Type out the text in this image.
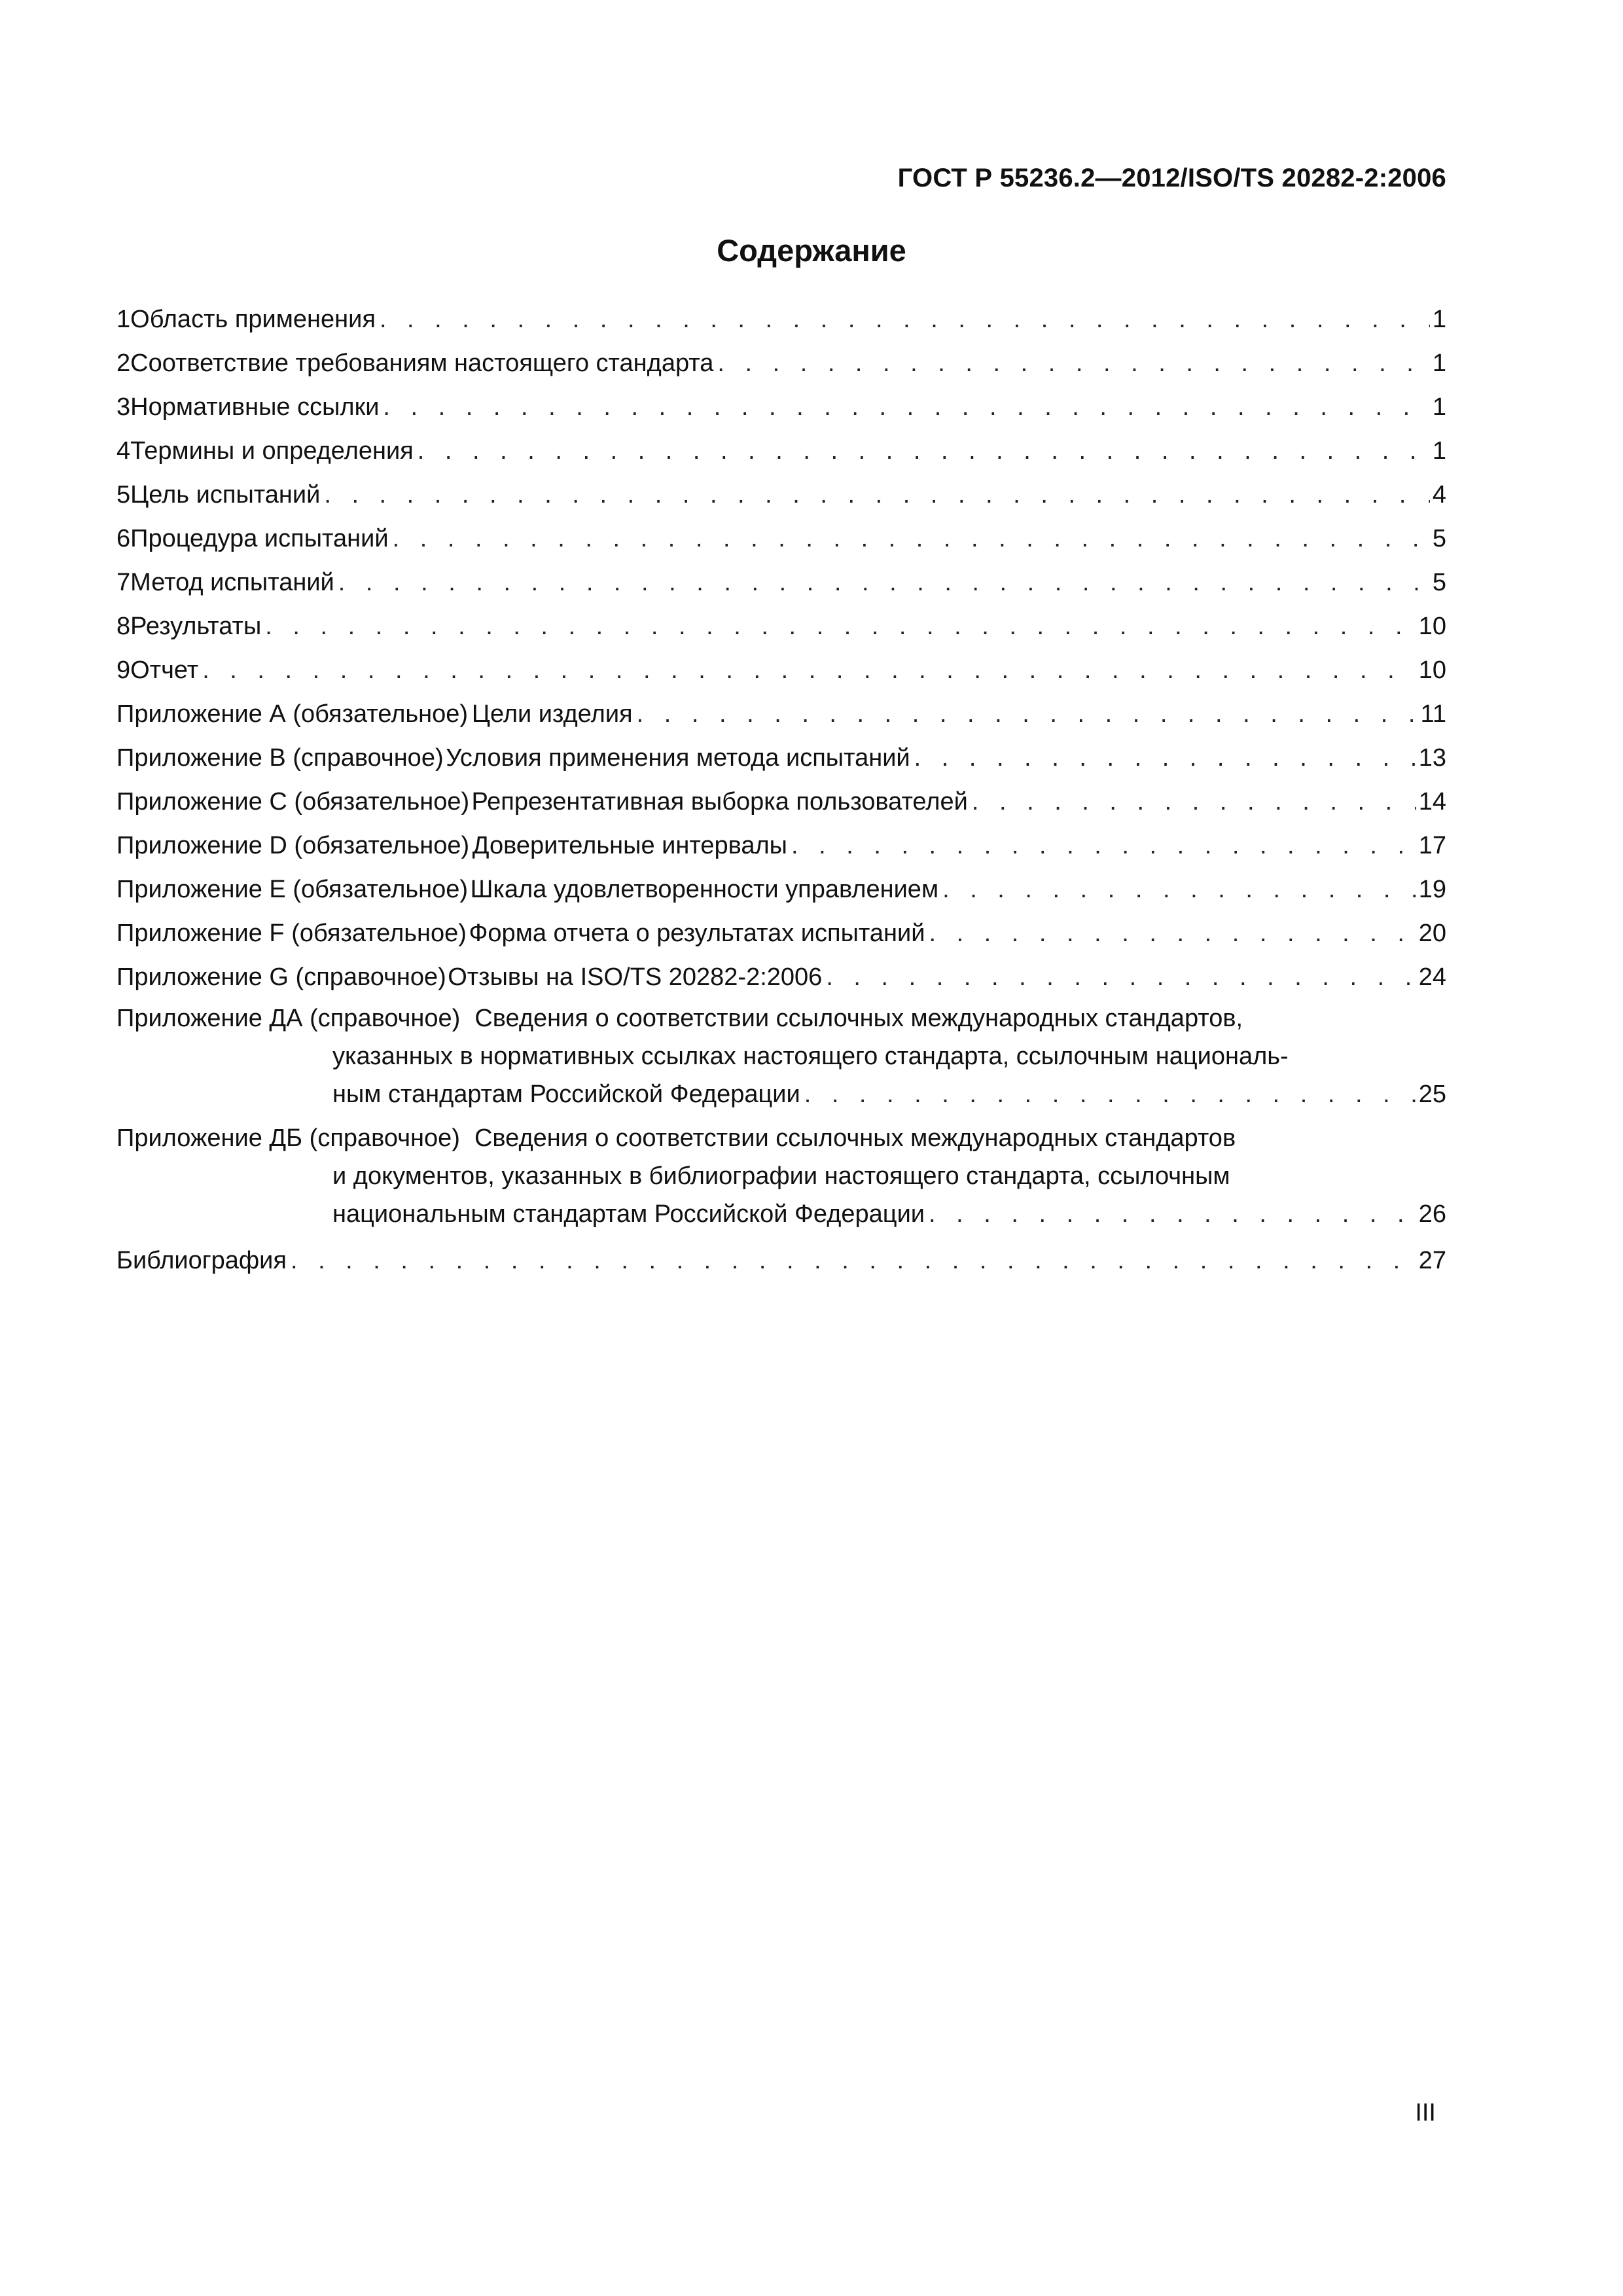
ГОСТ Р 55236.2—2012/ISO/TS 20282-2:2006
Содержание
1 Область применения . . .	1
2 Соответствие требованиям настоящего стандарта . . .	1
3 Нормативные ссылки . . .	1
4 Термины и определения . . .	1
5 Цель испытаний . . .	4
6 Процедура испытаний . . .	5
7 Метод испытаний . . .	5
8 Результаты . . .	10
9 Отчет . . .	10
Приложение А (обязательное) Цели изделия . . .	11
Приложение В (справочное) Условия применения метода испытаний . . .	13
Приложение С (обязательное) Репрезентативная выборка пользователей . . .	14
Приложение D (обязательное) Доверительные интервалы . . .	17
Приложение Е (обязательное) Шкала удовлетворенности управлением . . .	19
Приложение F (обязательное) Форма отчета о результатах испытаний . . .	20
Приложение G (справочное) Отзывы на ISO/TS 20282-2:2006 . . .	24
Приложение ДА (справочное) Сведения о соответствии ссылочных международных стандартов,
указанных в нормативных ссылках настоящего стандарта, ссылочным националь-
ным стандартам Российской Федерации . . .	25
Приложение ДБ (справочное) Сведения о соответствии ссылочных международных стандартов
и документов, указанных в библиографии настоящего стандарта, ссылочным
национальным стандартам Российской Федерации . . .	26
Библиография . . .	27
III
